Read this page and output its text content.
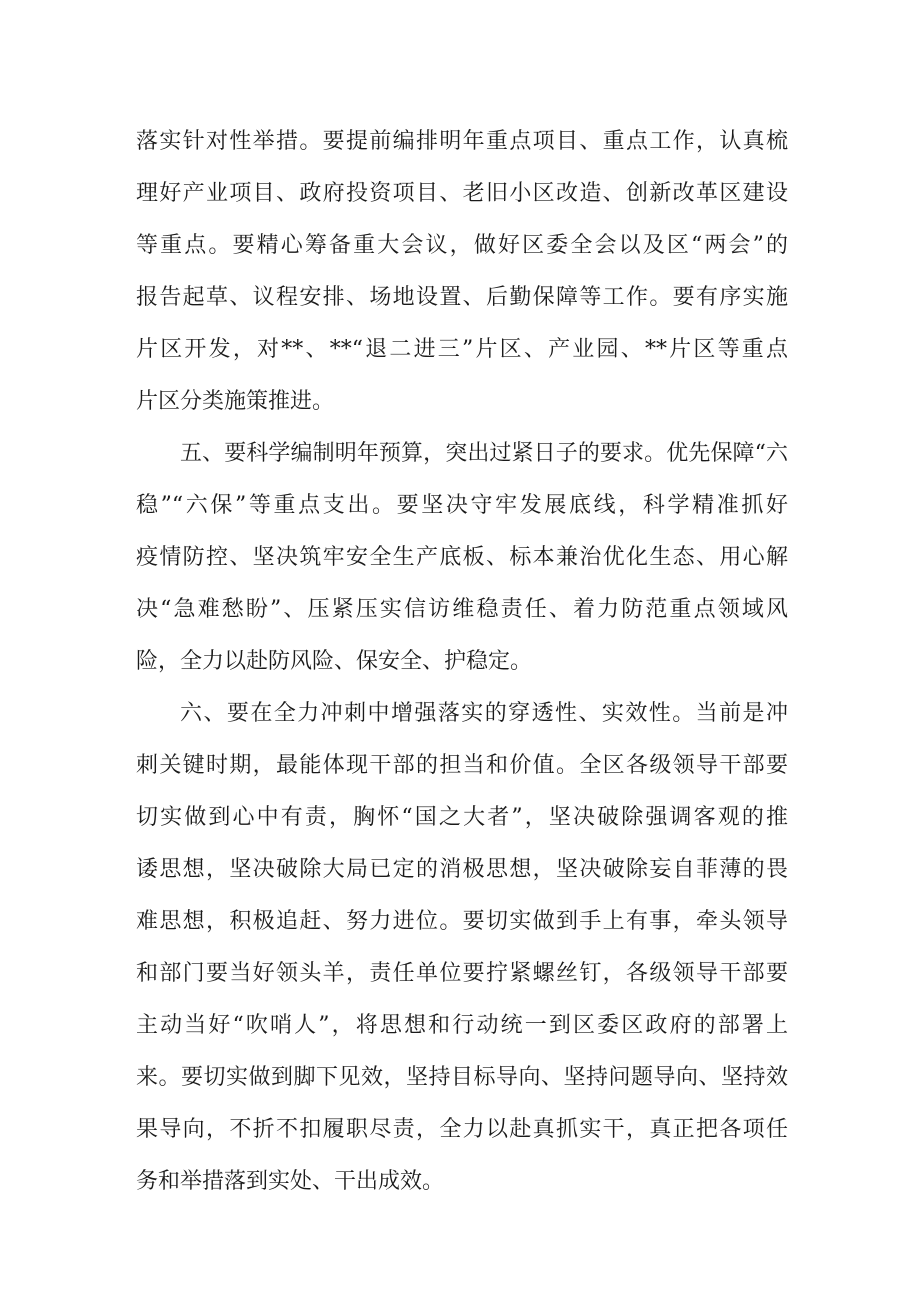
落实针对性举措。要提前编排明年重点项目、重点工作，认真梳
理好产业项目、政府投资项目、老旧小区改造、创新改革区建设
等重点。要精心筹备重大会议，做好区委全会以及区“两会”的
报告起草、议程安排、场地设置、后勤保障等工作。要有序实施
片区开发，对**、**“退二进三”片区、产业园、**片区等重点
片区分类施策推进。
五、要科学编制明年预算，突出过紧日子的要求。优先保障“六
稳”“六保”等重点支出。要坚决守牢发展底线，科学精准抓好
疫情防控、坚决筑牢安全生产底板、标本兼治优化生态、用心解
决“急难愁盼”、压紧压实信访维稳责任、着力防范重点领域风
险，全力以赴防风险、保安全、护稳定。
六、要在全力冲刺中增强落实的穿透性、实效性。当前是冲
刺关键时期，最能体现干部的担当和价值。全区各级领导干部要
切实做到心中有责，胸怀“国之大者”，坚决破除强调客观的推
诿思想，坚决破除大局已定的消极思想，坚决破除妄自菲薄的畏
难思想，积极追赶、努力进位。要切实做到手上有事，牵头领导
和部门要当好领头羊，责任单位要拧紧螺丝钉，各级领导干部要
主动当好“吹哨人”，将思想和行动统一到区委区政府的部署上
来。要切实做到脚下见效，坚持目标导向、坚持问题导向、坚持效
果导向，不折不扣履职尽责，全力以赴真抓实干，真正把各项任
务和举措落到实处、干出成效。
